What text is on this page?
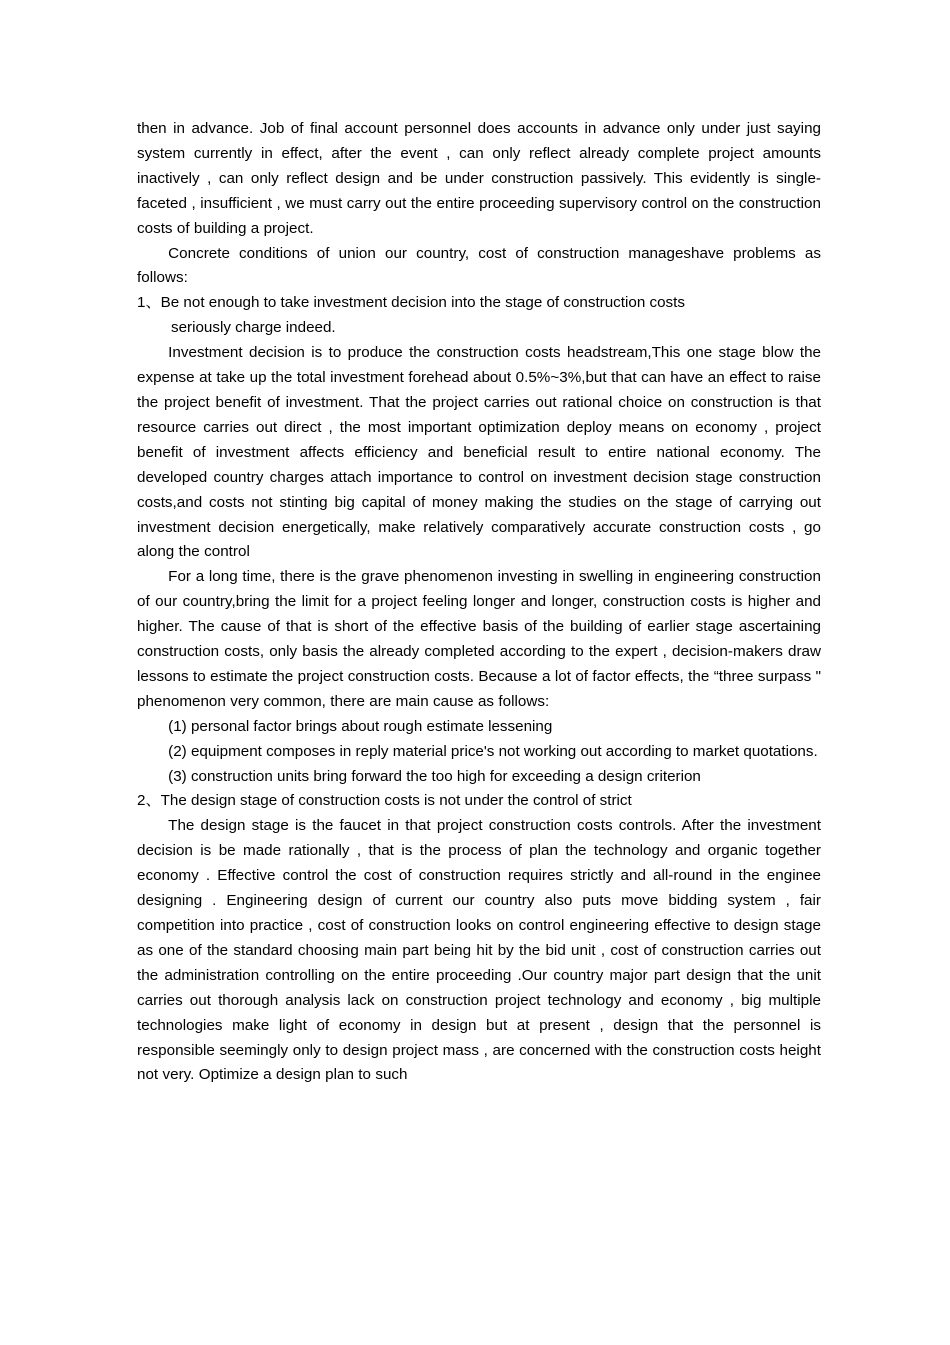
then in advance. Job of final account personnel does accounts in advance only under just saying system currently in effect, after the event , can only reflect already complete project amounts inactively , can only reflect design and be under construction passively. This evidently is single-faceted , insufficient , we must carry out the entire proceeding supervisory control on the construction costs of building a project.

Concrete conditions of union our country, cost of construction manageshave problems as follows:

1、Be not enough to take investment decision into the stage of construction costs

seriously charge indeed.

Investment decision is to produce the construction costs headstream,This one stage blow the expense at take up the total investment forehead about 0.5%~3%,but that can have an effect to raise the project benefit of investment. That the project carries out rational choice on construction is that resource carries out direct , the most important optimization deploy means on economy , project benefit of investment affects efficiency and beneficial result to entire national economy. The developed country charges attach importance to control on investment decision stage construction costs,and costs not stinting big capital of money making the studies on the stage of carrying out investment decision energetically, make relatively comparatively accurate construction costs , go along the control

For a long time, there is the grave phenomenon investing in swelling in engineering construction of our country,bring the limit for a project feeling longer and longer, construction costs is higher and higher. The cause of that is short of the effective basis of the building of earlier stage ascertaining construction costs, only basis the already completed according to the expert , decision-makers draw lessons to estimate the project construction costs. Because a lot of factor effects, the “three surpass " phenomenon very common, there are main cause as follows:

(1) personal factor brings about rough estimate lessening

(2) equipment composes in reply material price's not working out according to market quotations.

(3) construction units bring forward the too high for exceeding a design criterion

2、The design stage of construction costs is not under the control of strict

The design stage is the faucet in that project construction costs controls. After the investment decision is be made rationally , that is the process of plan the technology and organic together economy . Effective control the cost of construction requires strictly and all-round in the enginee designing . Engineering design of current our country also puts move bidding system , fair competition into practice , cost of construction looks on control engineering effective to design stage as one of the standard choosing main part being hit by the bid unit , cost of construction carries out the administration controlling on the entire proceeding .Our country major part design that the unit carries out thorough analysis lack on construction project technology and economy , big multiple technologies make light of economy in design but at present , design that the personnel is responsible seemingly only to design project mass , are concerned with the construction costs height not very. Optimize a design plan to such
